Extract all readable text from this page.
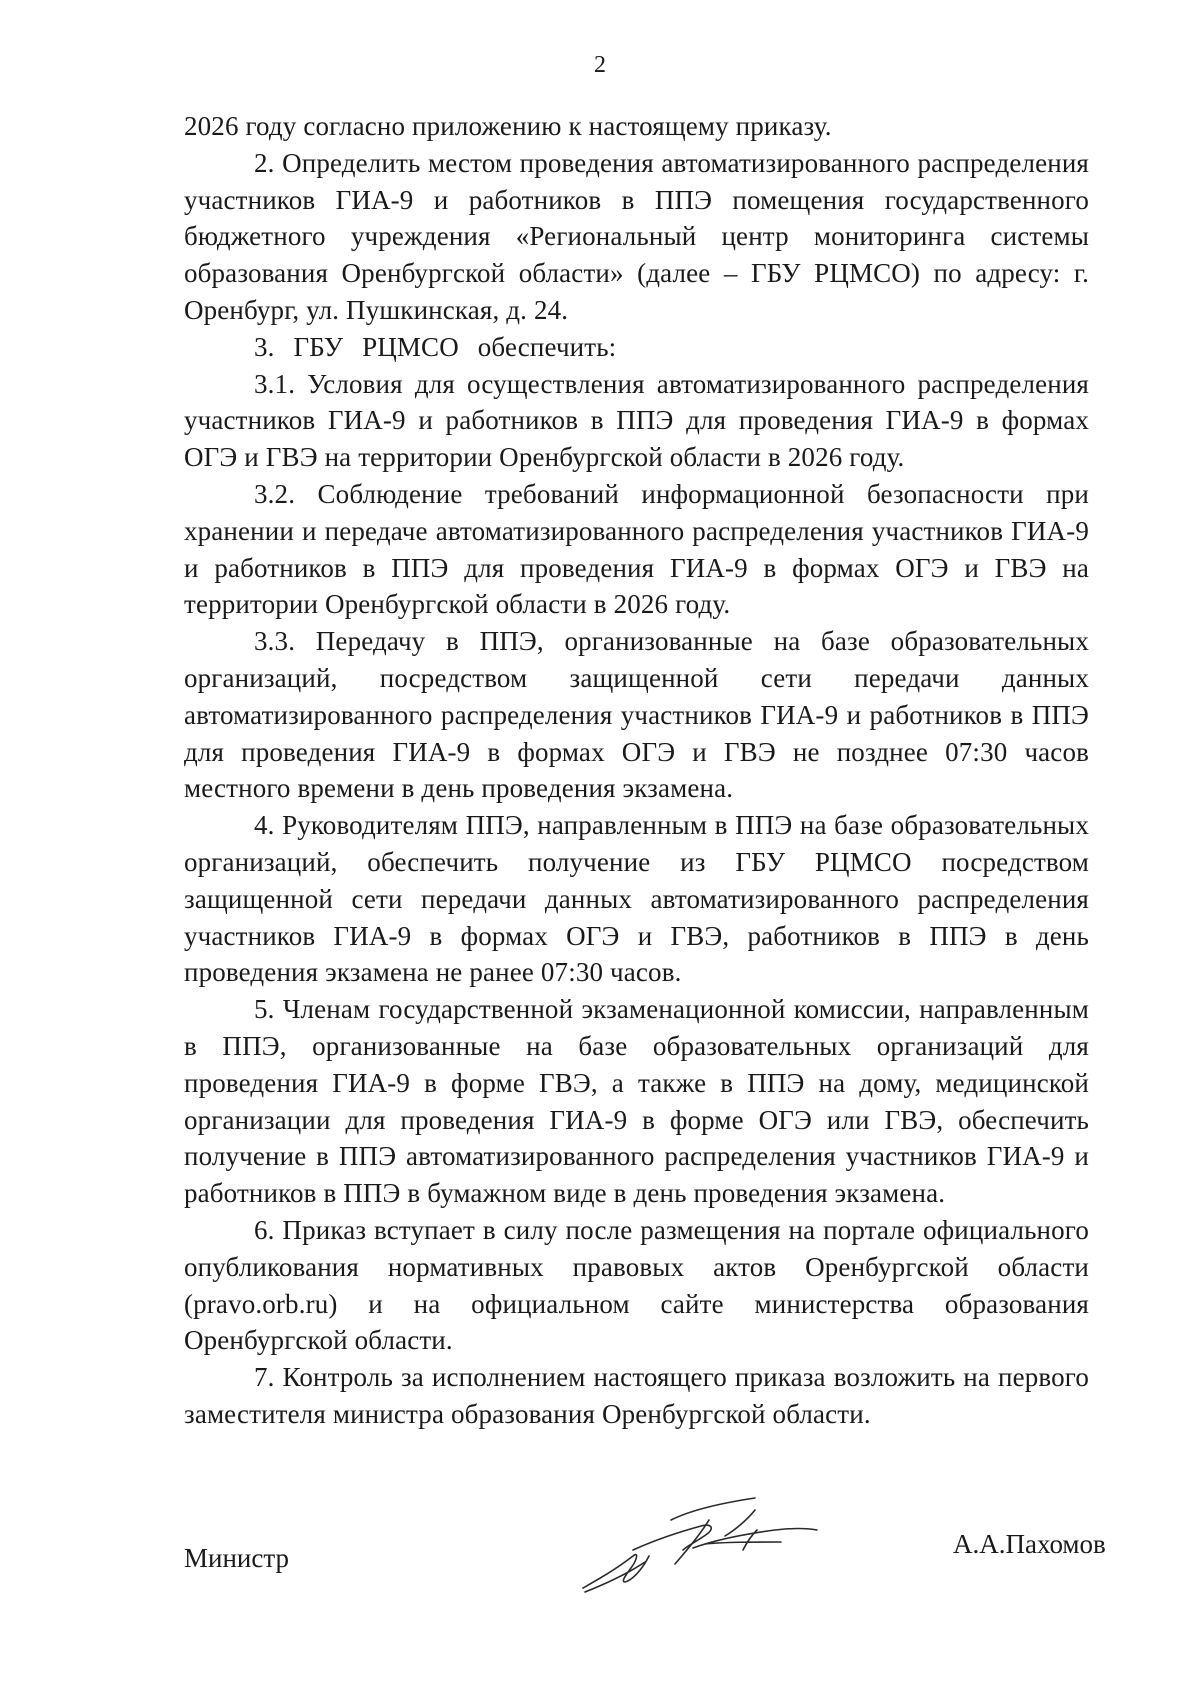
2

2026 году согласно приложению к настоящему приказу.

2. Определить местом проведения автоматизированного распределения участников ГИА-9 и работников в ППЭ помещения государственного бюджетного учреждения «Региональный центр мониторинга системы образования Оренбургской области» (далее – ГБУ РЦМСО) по адресу: г. Оренбург, ул. Пушкинская, д. 24.

3. ГБУ РЦМСО обеспечить:

3.1. Условия для осуществления автоматизированного распределения участников ГИА-9 и работников в ППЭ для проведения ГИА-9 в формах ОГЭ и ГВЭ на территории Оренбургской области в 2026 году.

3.2. Соблюдение требований информационной безопасности при хранении и передаче автоматизированного распределения участников ГИА-9 и работников в ППЭ для проведения ГИА-9 в формах ОГЭ и ГВЭ на территории Оренбургской области в 2026 году.

3.3. Передачу в ППЭ, организованные на базе образовательных организаций, посредством защищенной сети передачи данных автоматизированного распределения участников ГИА-9 и работников в ППЭ для проведения ГИА-9 в формах ОГЭ и ГВЭ не позднее 07:30 часов местного времени в день проведения экзамена.

4. Руководителям ППЭ, направленным в ППЭ на базе образовательных организаций, обеспечить получение из ГБУ РЦМСО посредством защищенной сети передачи данных автоматизированного распределения участников ГИА-9 в формах ОГЭ и ГВЭ, работников в ППЭ в день проведения экзамена не ранее 07:30 часов.

5. Членам государственной экзаменационной комиссии, направленным в ППЭ, организованные на базе образовательных организаций для проведения ГИА-9 в форме ГВЭ, а также в ППЭ на дому, медицинской организации для проведения ГИА-9 в форме ОГЭ или ГВЭ, обеспечить получение в ППЭ автоматизированного распределения участников ГИА-9 и работников в ППЭ в бумажном виде в день проведения экзамена.

6. Приказ вступает в силу после размещения на портале официального опубликования нормативных правовых актов Оренбургской области (pravo.orb.ru) и на официальном сайте министерства образования Оренбургской области.

7. Контроль за исполнением настоящего приказа возложить на первого заместителя министра образования Оренбургской области.

Министр	А.А.Пахомов
